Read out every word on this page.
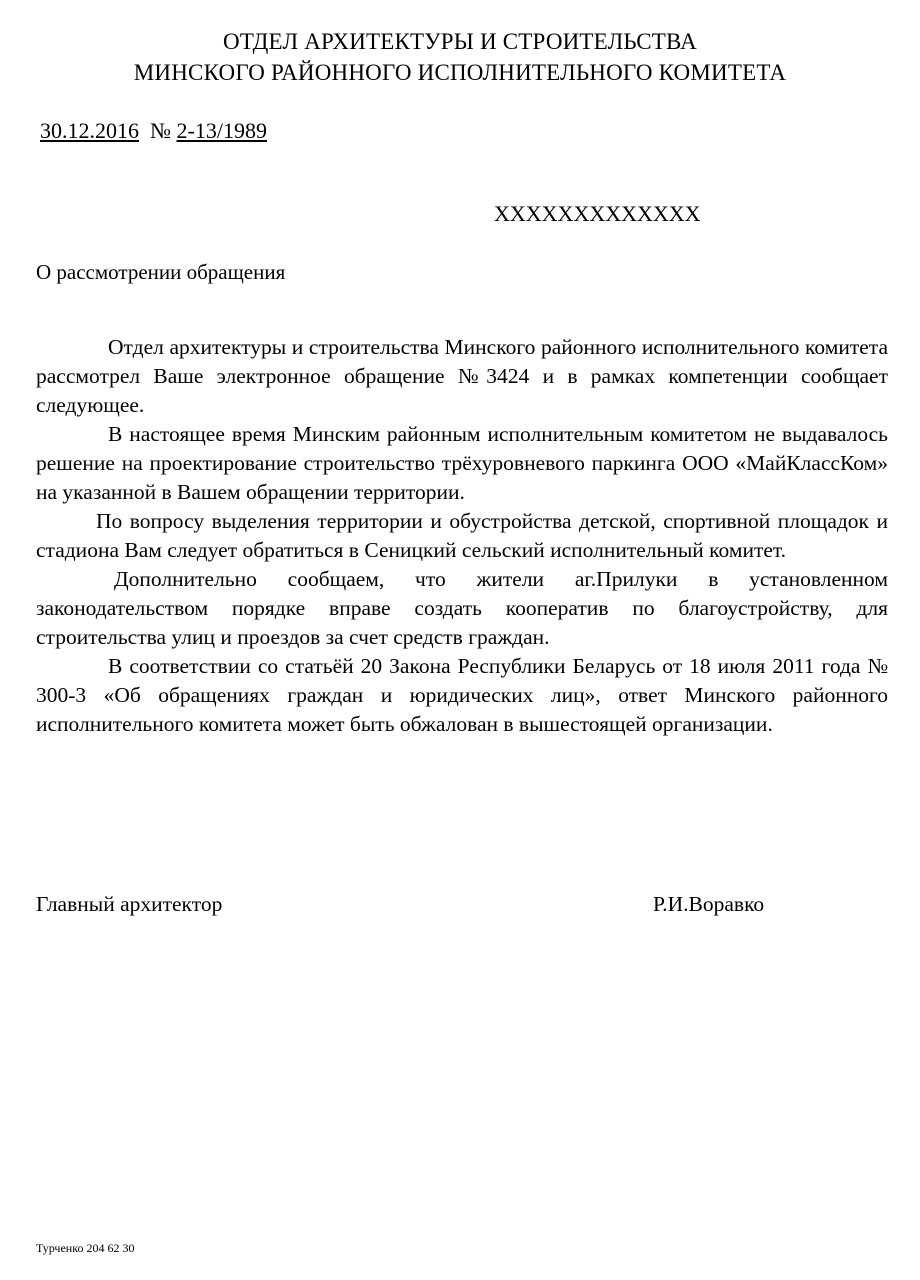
ОТДЕЛ АРХИТЕКТУРЫ И СТРОИТЕЛЬСТВА
МИНСКОГО РАЙОННОГО ИСПОЛНИТЕЛЬНОГО КОМИТЕТА
30.12.2016 № 2-13/1989
ХХХХХХХХХХХХХ
О рассмотрении обращения

Отдел архитектуры и строительства Минского районного исполнительного комитета рассмотрел Ваше электронное обращение №3424 и в рамках компетенции сообщает следующее.

В настоящее время Минским районным исполнительным комитетом не выдавалось решение на проектирование строительство трёхуровневого паркинга ООО «МайКлассКом» на указанной в Вашем обращении территории.

По вопросу выделения территории и обустройства детской, спортивной площадок и стадиона Вам следует обратиться в Сеницкий сельский исполнительный комитет.

Дополнительно сообщаем, что жители аг.Прилуки в установленном законодательством порядке вправе создать кооператив по благоустройству, для строительства улиц и проездов за счет средств граждан.

В соответствии со статьёй 20 Закона Республики Беларусь от 18 июля 2011 года № 300-3 «Об обращениях граждан и юридических лиц», ответ Минского районного исполнительного комитета может быть обжалован в вышестоящей организации.

Главный архитектор	Р.И.Воравко
Турченко 204 62 30
